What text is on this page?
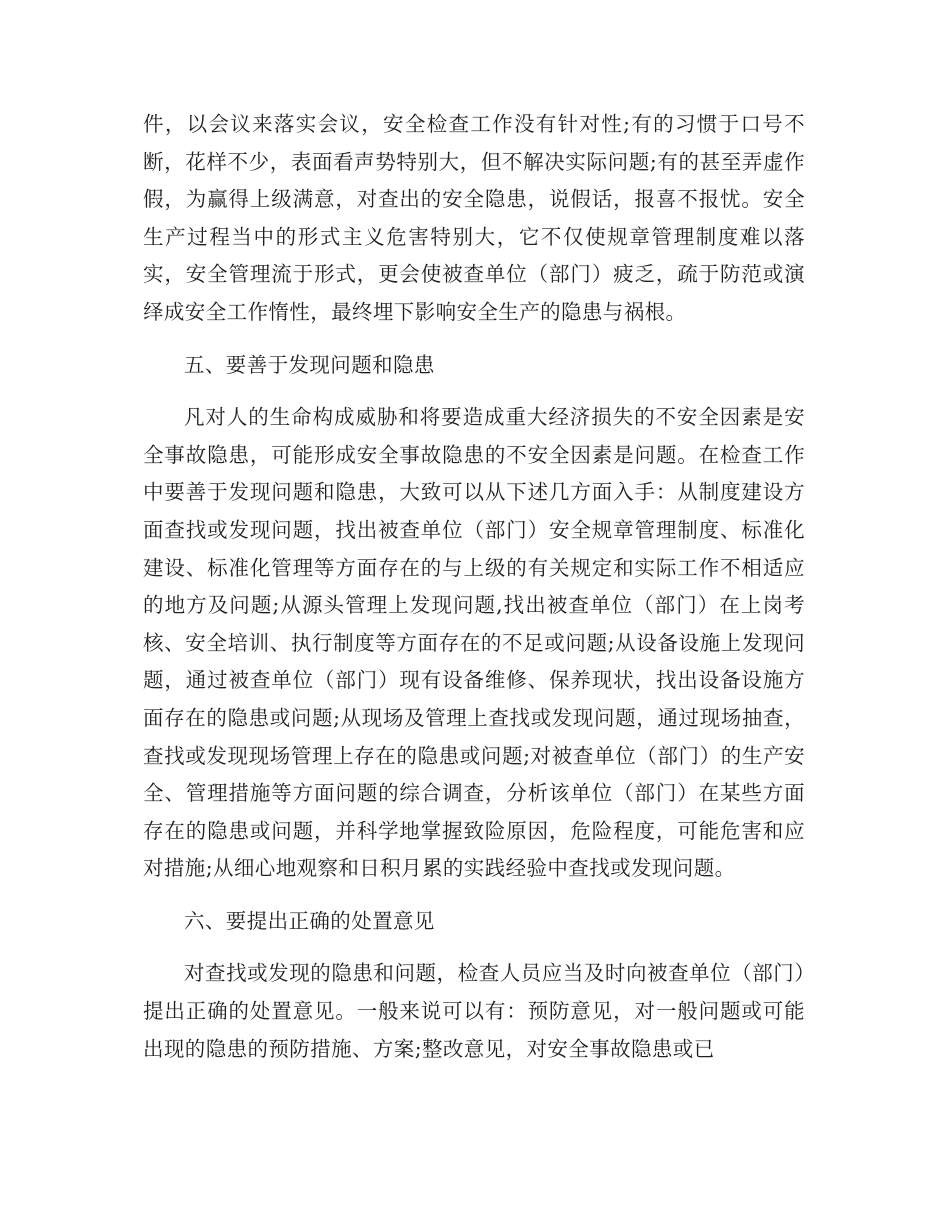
件，以会议来落实会议，安全检查工作没有针对性;有的习惯于口号不断，花样不少，表面看声势特别大，但不解决实际问题;有的甚至弄虚作假，为赢得上级满意，对查出的安全隐患，说假话，报喜不报忧。安全生产过程当中的形式主义危害特别大，它不仅使规章管理制度难以落实，安全管理流于形式，更会使被查单位（部门）疲乏，疏于防范或演绎成安全工作惰性，最终埋下影响安全生产的隐患与祸根。

五、要善于发现问题和隐患

凡对人的生命构成威胁和将要造成重大经济损失的不安全因素是安全事故隐患，可能形成安全事故隐患的不安全因素是问题。在检查工作中要善于发现问题和隐患，大致可以从下述几方面入手：从制度建设方面查找或发现问题，找出被查单位（部门）安全规章管理制度、标准化建设、标准化管理等方面存在的与上级的有关规定和实际工作不相适应的地方及问题;从源头管理上发现问题,找出被查单位（部门）在上岗考核、安全培训、执行制度等方面存在的不足或问题;从设备设施上发现问题，通过被查单位（部门）现有设备维修、保养现状，找出设备设施方面存在的隐患或问题;从现场及管理上查找或发现问题，通过现场抽查，查找或发现现场管理上存在的隐患或问题;对被查单位（部门）的生产安全、管理措施等方面问题的综合调查，分析该单位（部门）在某些方面存在的隐患或问题，并科学地掌握致险原因，危险程度，可能危害和应对措施;从细心地观察和日积月累的实践经验中查找或发现问题。

六、要提出正确的处置意见

对查找或发现的隐患和问题，检查人员应当及时向被查单位（部门）提出正确的处置意见。一般来说可以有：预防意见，对一般问题或可能出现的隐患的预防措施、方案;整改意见，对安全事故隐患或已
